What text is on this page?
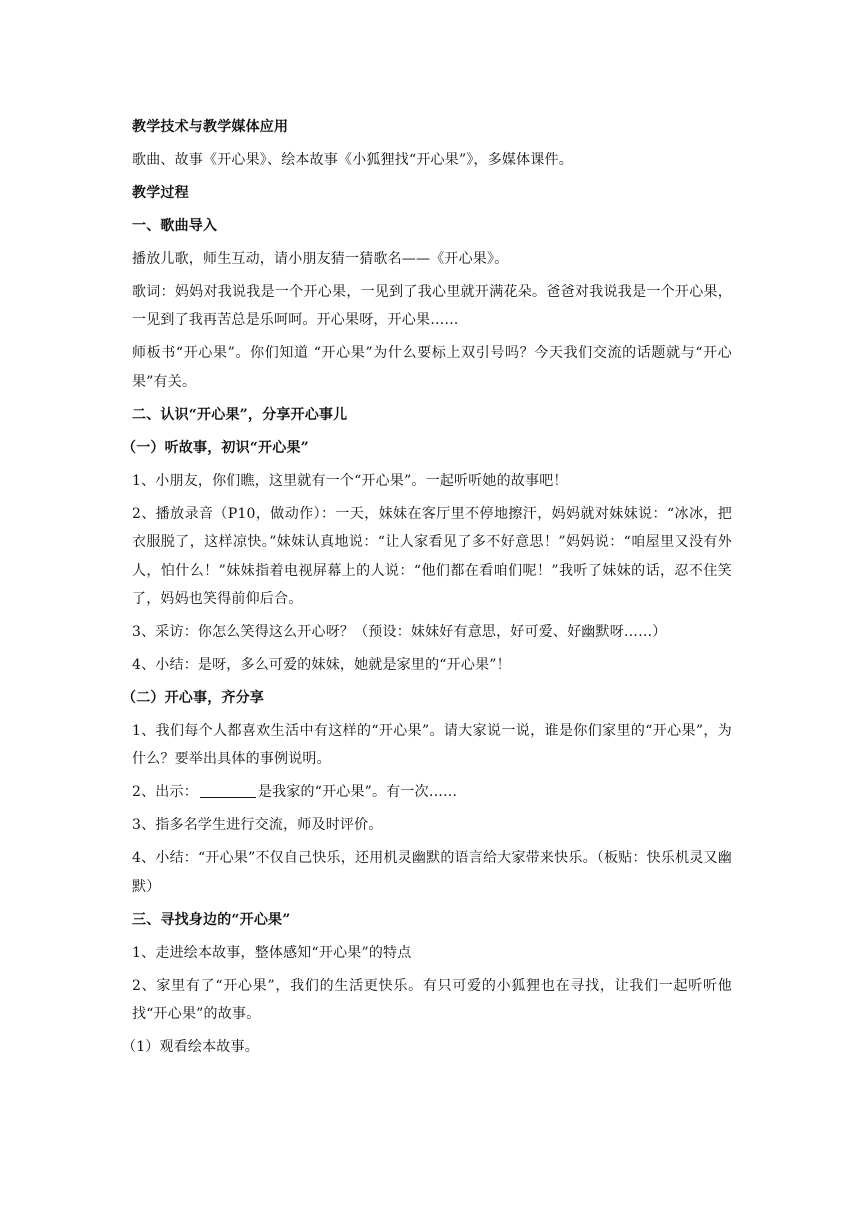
教学技术与教学媒体应用

歌曲、故事《开心果》、绘本故事《小狐狸找“开心果”》，多媒体课件。

教学过程

一、歌曲导入

播放儿歌，师生互动，请小朋友猜一猜歌名——《开心果》。

歌词：妈妈对我说我是一个开心果，一见到了我心里就开满花朵。爸爸对我说我是一个开心果，一见到了我再苦总是乐呵呵。开心果呀，开心果……

师板书“开心果”。你们知道 “开心果”为什么要标上双引号吗？今天我们交流的话题就与“开心果”有关。

二、认识“开心果”，分享开心事儿

（一）听故事，初识“开心果”

1、小朋友，你们瞧，这里就有一个“开心果”。一起听听她的故事吧！

2、播放录音（P10，做动作）：一天，妹妹在客厅里不停地擦汗，妈妈就对妹妹说：“冰冰，把衣服脱了，这样凉快。”妹妹认真地说：“让人家看见了多不好意思！”妈妈说：“咱屋里又没有外人，怕什么！”妹妹指着电视屏幕上的人说：“他们都在看咱们呢！”我听了妹妹的话，忍不住笑了，妈妈也笑得前仰后合。

3、采访：你怎么笑得这么开心呀？（预设：妹妹好有意思，好可爱、好幽默呀……）

4、小结：是呀，多么可爱的妹妹，她就是家里的“开心果”！

（二）开心事，齐分享

1、我们每个人都喜欢生活中有这样的“开心果”。请大家说一说，谁是你们家里的“开心果”，为什么？要举出具体的事例说明。

2、出示：	是我家的“开心果”。有一次……

3、指多名学生进行交流，师及时评价。

4、小结：“开心果”不仅自己快乐，还用机灵幽默的语言给大家带来快乐。（板贴：快乐机灵又幽默）

三、寻找身边的“开心果”

1、走进绘本故事，整体感知“开心果”的特点

2、家里有了“开心果”，我们的生活更快乐。有只可爱的小狐狸也在寻找，让我们一起听听他找“开心果”的故事。

（1）观看绘本故事。
